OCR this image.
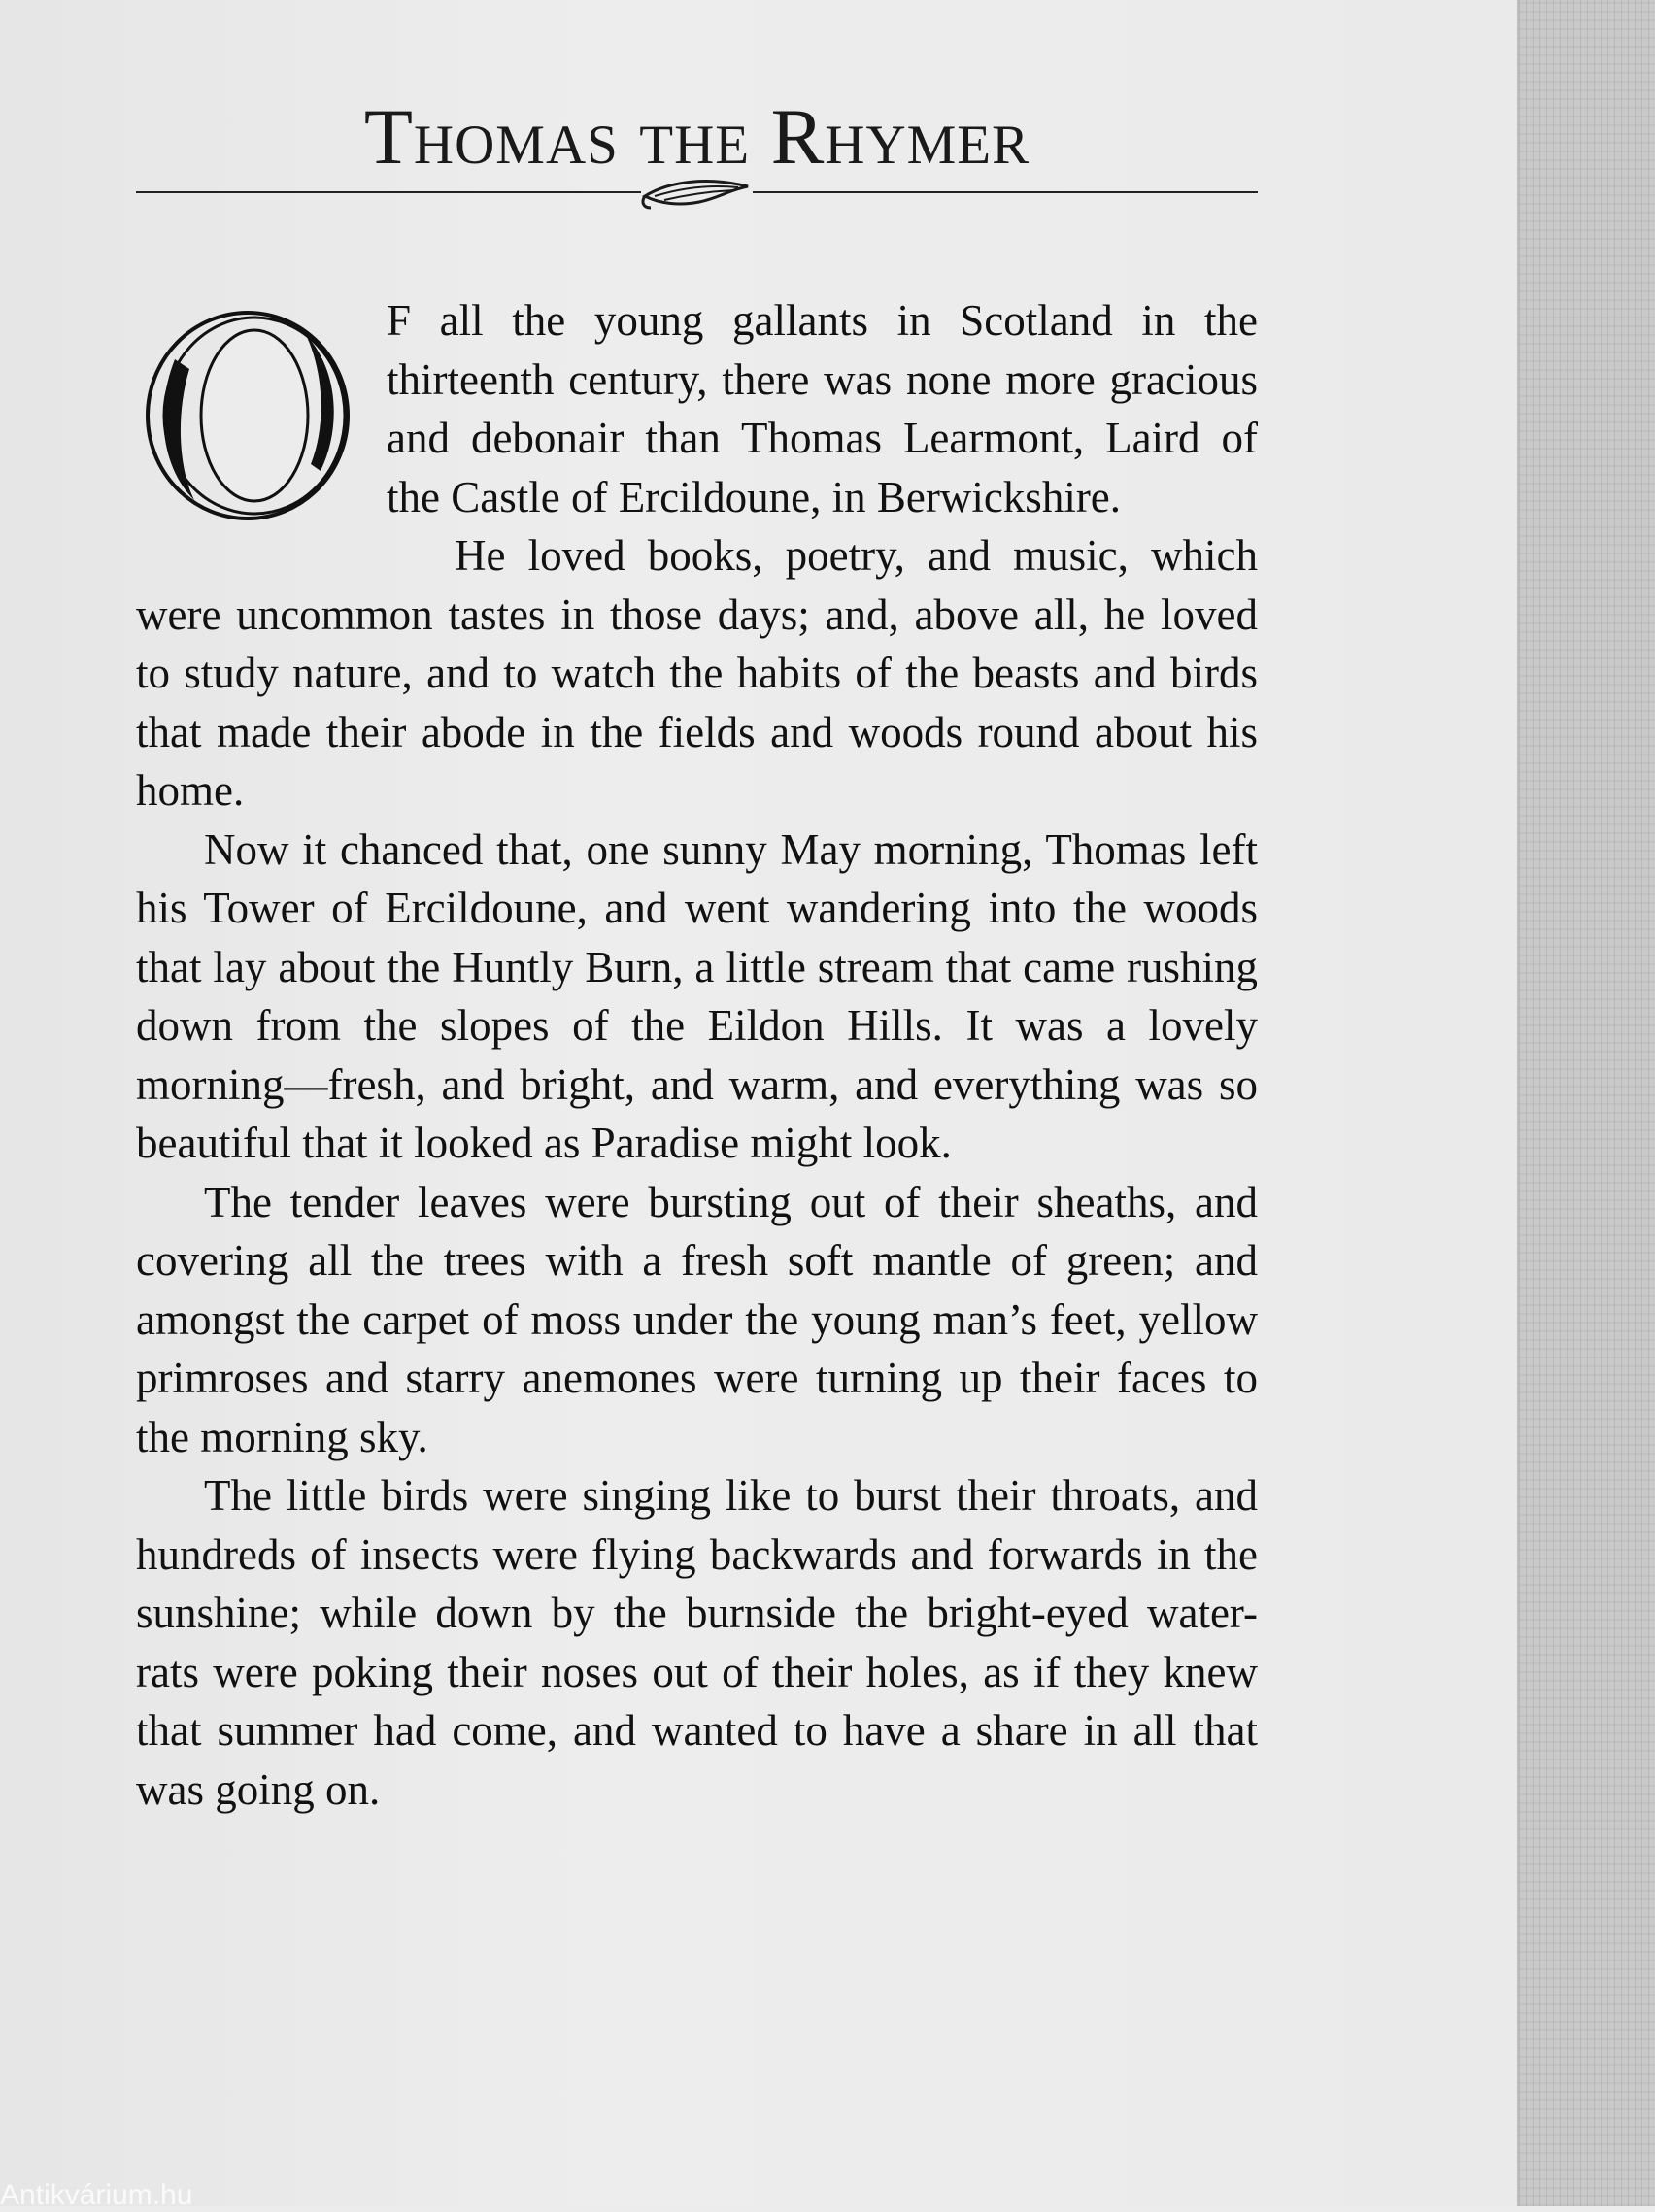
Thomas the Rhymer

F all the young gallants in Scotland in the thirteenth century, there was none more gracious and debonair than Thomas Learmont, Laird of the Castle of Ercildoune, in Berwickshire.

He loved books, poetry, and music, which were uncommon tastes in those days; and, above all, he loved to study nature, and to watch the habits of the beasts and birds that made their abode in the fields and woods round about his home.

Now it chanced that, one sunny May morning, Thomas left his Tower of Ercildoune, and went wandering into the woods that lay about the Huntly Burn, a little stream that came rushing down from the slopes of the Eildon Hills. It was a lovely morning—fresh, and bright, and warm, and everything was so beautiful that it looked as Paradise might look.

The tender leaves were bursting out of their sheaths, and covering all the trees with a fresh soft mantle of green; and amongst the carpet of moss under the young man’s feet, yellow primroses and starry anemones were turning up their faces to the morning sky.

The little birds were singing like to burst their throats, and hundreds of insects were flying backwards and forwards in the sunshine; while down by the burnside the bright-eyed water-rats were poking their noses out of their holes, as if they knew that summer had come, and wanted to have a share in all that was going on.

Antikvárium.hu
